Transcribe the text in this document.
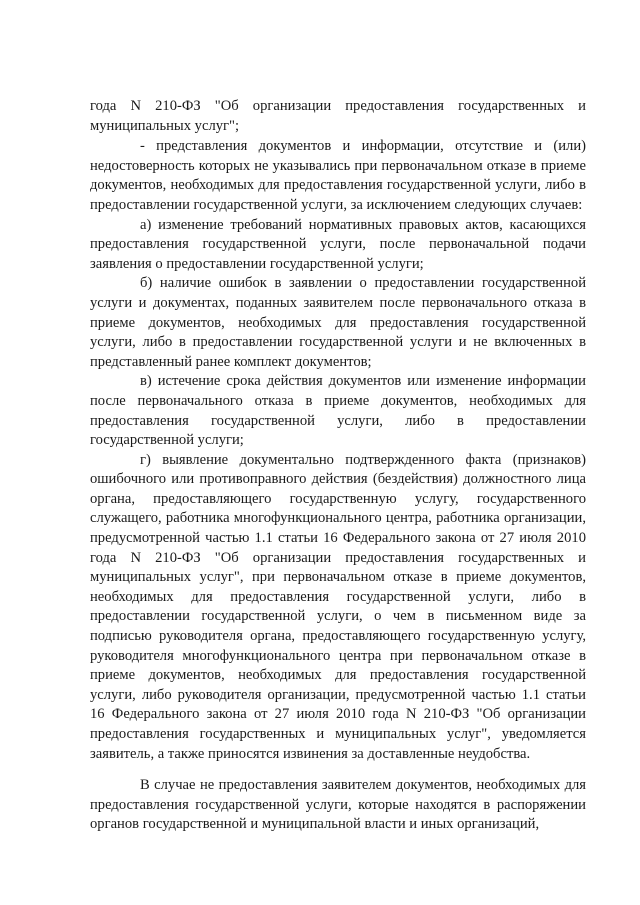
года N 210-ФЗ "Об организации предоставления государственных и муниципальных услуг";

- представления документов и информации, отсутствие и (или) недостоверность которых не указывались при первоначальном отказе в приеме документов, необходимых для предоставления государственной услуги, либо в предоставлении государственной услуги, за исключением следующих случаев:

а) изменение требований нормативных правовых актов, касающихся предоставления государственной услуги, после первоначальной подачи заявления о предоставлении государственной услуги;

б) наличие ошибок в заявлении о предоставлении государственной услуги и документах, поданных заявителем после первоначального отказа в приеме документов, необходимых для предоставления государственной услуги, либо в предоставлении государственной услуги и не включенных в представленный ранее комплект документов;

в) истечение срока действия документов или изменение информации после первоначального отказа в приеме документов, необходимых для предоставления государственной услуги, либо в предоставлении государственной услуги;

г) выявление документально подтвержденного факта (признаков) ошибочного или противоправного действия (бездействия) должностного лица органа, предоставляющего государственную услугу, государственного служащего, работника многофункционального центра, работника организации, предусмотренной частью 1.1 статьи 16 Федерального закона от 27 июля 2010 года N 210-ФЗ "Об организации предоставления государственных и муниципальных услуг", при первоначальном отказе в приеме документов, необходимых для предоставления государственной услуги, либо в предоставлении государственной услуги, о чем в письменном виде за подписью руководителя органа, предоставляющего государственную услугу, руководителя многофункционального центра при первоначальном отказе в приеме документов, необходимых для предоставления государственной услуги, либо руководителя организации, предусмотренной частью 1.1 статьи 16 Федерального закона от 27 июля 2010 года N 210-ФЗ "Об организации предоставления государственных и муниципальных услуг", уведомляется заявитель, а также приносятся извинения за доставленные неудобства.

В случае не предоставления заявителем документов, необходимых для предоставления государственной услуги, которые находятся в распоряжении органов государственной и муниципальной власти и иных организаций,
